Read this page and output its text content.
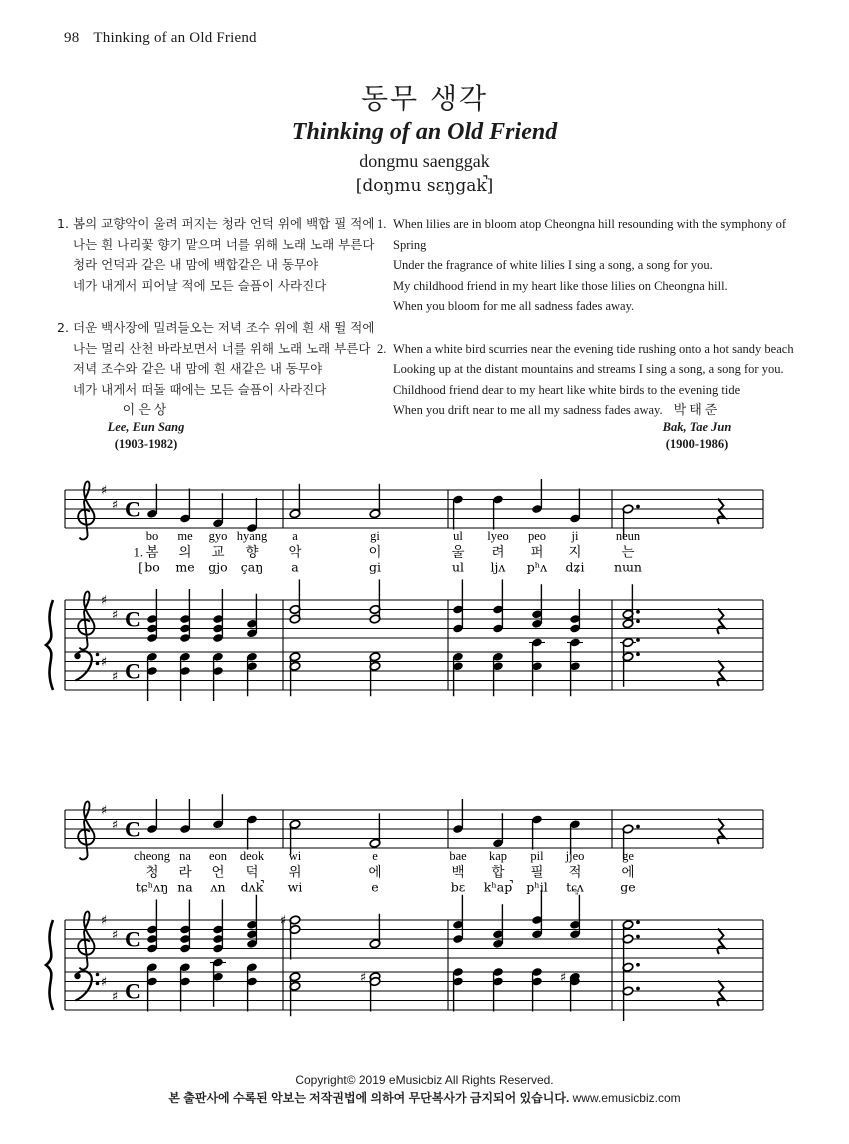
98 Thinking of an Old Friend
동무 생각
Thinking of an Old Friend
dongmu saenggak
[doŋmu sɛŋgak̚]
1. 봄의 교향악이 울려 퍼지는 청라 언덕 위에 백합 필 적에
나는 흰 나리꽃 향기 맡으며 너를 위해 노래 노래 부른다
청라 언덕과 같은 내 맘에 백합같은 내 동무야
네가 내게서 피어날 적에 모든 슬픔이 사라진다
2. 더운 백사장에 밀려들오는 저녁 조수 위에 흰 새 뛸 적에
나는 멀리 산천 바라보면서 너를 위해 노래 노래 부른다
저녁 조수와 같은 내 맘에 흰 새같은 내 동무야
네가 내게서 떠돌 때에는 모든 슬픔이 사라진다
1. When lilies are in bloom atop Cheongna hill resounding with the symphony of Spring
Under the fragrance of white lilies I sing a song, a song for you.
My childhood friend in my heart like those lilies on Cheongna hill.
When you bloom for me all sadness fades away.
2. When a white bird scurries near the evening tide rushing onto a hot sandy beach
Looking up at the distant mountains and streams I sing a song, a song for you.
Childhood friend dear to my heart like white birds to the evening tide
When you drift near to me all my sadness fades away.
이은상
Lee, Eun Sang
(1903-1982)
박태준
Bak, Tae Jun
(1900-1986)
♯
♯
♯
♯
♯
♯
C
C
C
bo
봄
bo
me
의
me
gyo
교
gjo
hyang
향
çaŋ
a
악
a
gi
이
gi
ul
울
ul
lyeo
려
ljʌ
peo
퍼
pʰʌ
ji
지
dʑi
neun
는
nɯn
1.
[
♯
♯
♯
♯
♯
♯
C
C
C
♯
♯	♯
cheong
청
tɕʰʌŋ
na
라
na
eon
언
ʌn
deok
덕
dʌk̚
wi
위
wi
e
에
e
bae
백
bɛ
kap
합
kʰap̚
pil
필
pʰil
jjeo
적
tɕ͈ʌ
ge
에
ge
Copyright© 2019 eMusicbiz All Rights Reserved.
본 출판사에 수록된 악보는 저작권법에 의하여 무단복사가 금지되어 있습니다. www.emusicbiz.com
